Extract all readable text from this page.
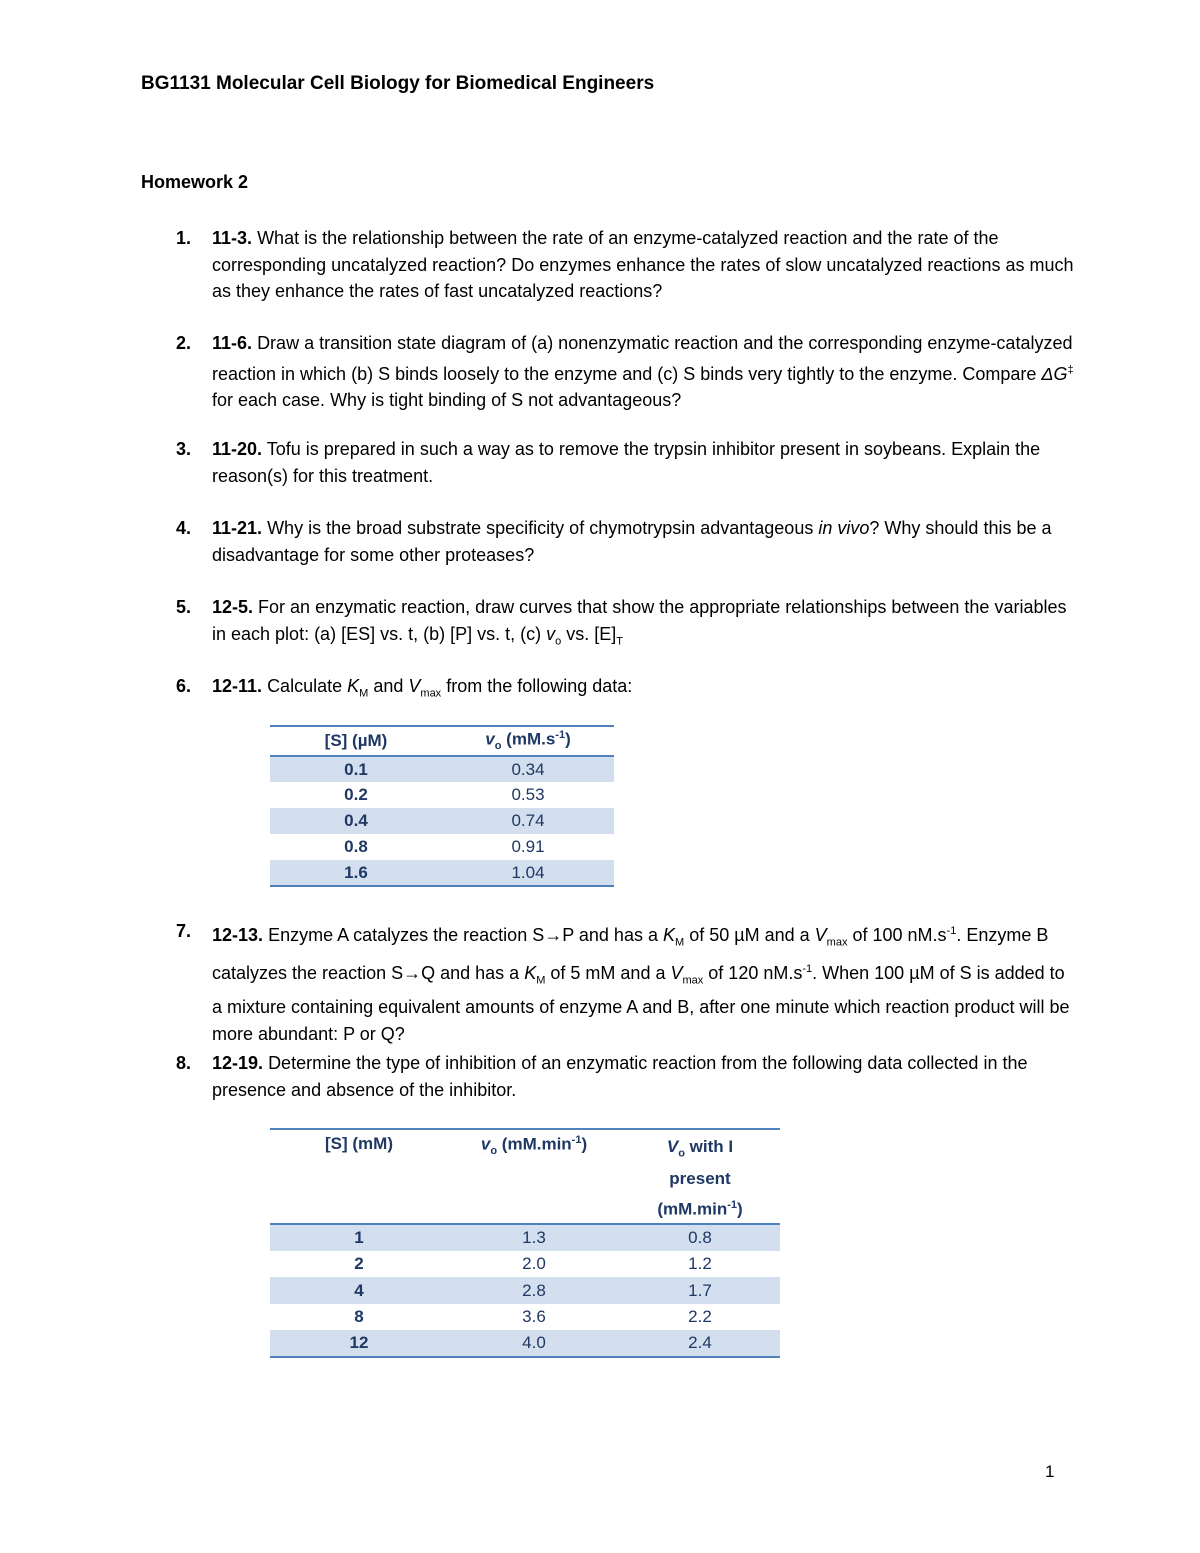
BG1131 Molecular Cell Biology for Biomedical Engineers
Homework 2
1.	11-3. What is the relationship between the rate of an enzyme-catalyzed reaction and the rate of the corresponding uncatalyzed reaction? Do enzymes enhance the rates of slow uncatalyzed reactions as much as they enhance the rates of fast uncatalyzed reactions?
2.	11-6. Draw a transition state diagram of (a) nonenzymatic reaction and the corresponding enzyme-catalyzed reaction in which (b) S binds loosely to the enzyme and (c) S binds very tightly to the enzyme. Compare ΔG‡ for each case. Why is tight binding of S not advantageous?
3.	11-20. Tofu is prepared in such a way as to remove the trypsin inhibitor present in soybeans. Explain the reason(s) for this treatment.
4.	11-21. Why is the broad substrate specificity of chymotrypsin advantageous in vivo? Why should this be a disadvantage for some other proteases?
5.	12-5. For an enzymatic reaction, draw curves that show the appropriate relationships between the variables in each plot: (a) [ES] vs. t, (b) [P] vs. t, (c) $v_o$ vs. $[E]_T$
6.	12-11. Calculate $K_M$ and $V_{max}$ from the following data:
[S] (µM)	$v_o$ $(mM.s^{-1})$
0.1	0.34
0.2	0.53
0.4	0.74
0.8	0.91
1.6	1.04
7.	12-13. Enzyme A catalyzes the reaction S→P and has a $K_M$ of 50 µM and a $V_{max}$ of 100 $nM.s^{-1}$. Enzyme B catalyzes the reaction S→Q and has a $K_M$ of 5 mM and a $V_{max}$ of 120 $nM.s^{-1}$. When 100 µM of S is added to a mixture containing equivalent amounts of enzyme A and B, after one minute which reaction product will be more abundant: P or Q?
8.	12-19. Determine the type of inhibition of an enzymatic reaction from the following data collected in the presence and absence of the inhibitor.
[S] (mM)	$v_o$ $(mM.\min^{-1})$	$V_o$ with I present $(mM.\min^{-1})$
1	1.3	0.8
2	2.0	1.2
4	2.8	1.7
8	3.6	2.2
12	4.0	2.4
1
